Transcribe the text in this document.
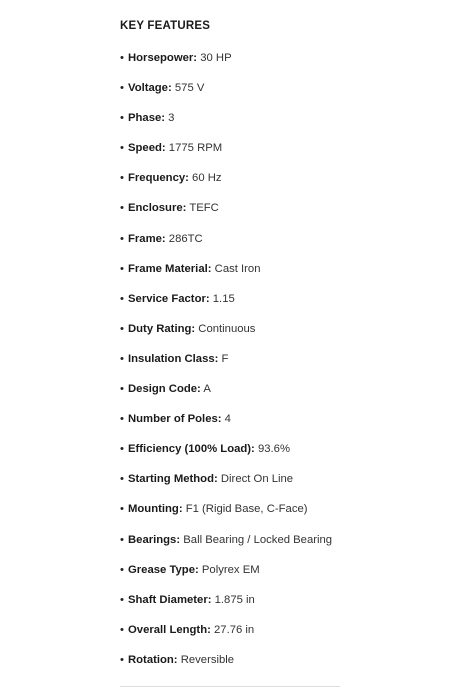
KEY FEATURES
• Horsepower: 30 HP
• Voltage: 575 V
• Phase: 3
• Speed: 1775 RPM
• Frequency: 60 Hz
• Enclosure: TEFC
• Frame: 286TC
• Frame Material: Cast Iron
• Service Factor: 1.15
• Duty Rating: Continuous
• Insulation Class: F
• Design Code: A
• Number of Poles: 4
• Efficiency (100% Load): 93.6%
• Starting Method: Direct On Line
• Mounting: F1 (Rigid Base, C-Face)
• Bearings: Ball Bearing / Locked Bearing
• Grease Type: Polyrex EM
• Shaft Diameter: 1.875 in
• Overall Length: 27.76 in
• Rotation: Reversible
